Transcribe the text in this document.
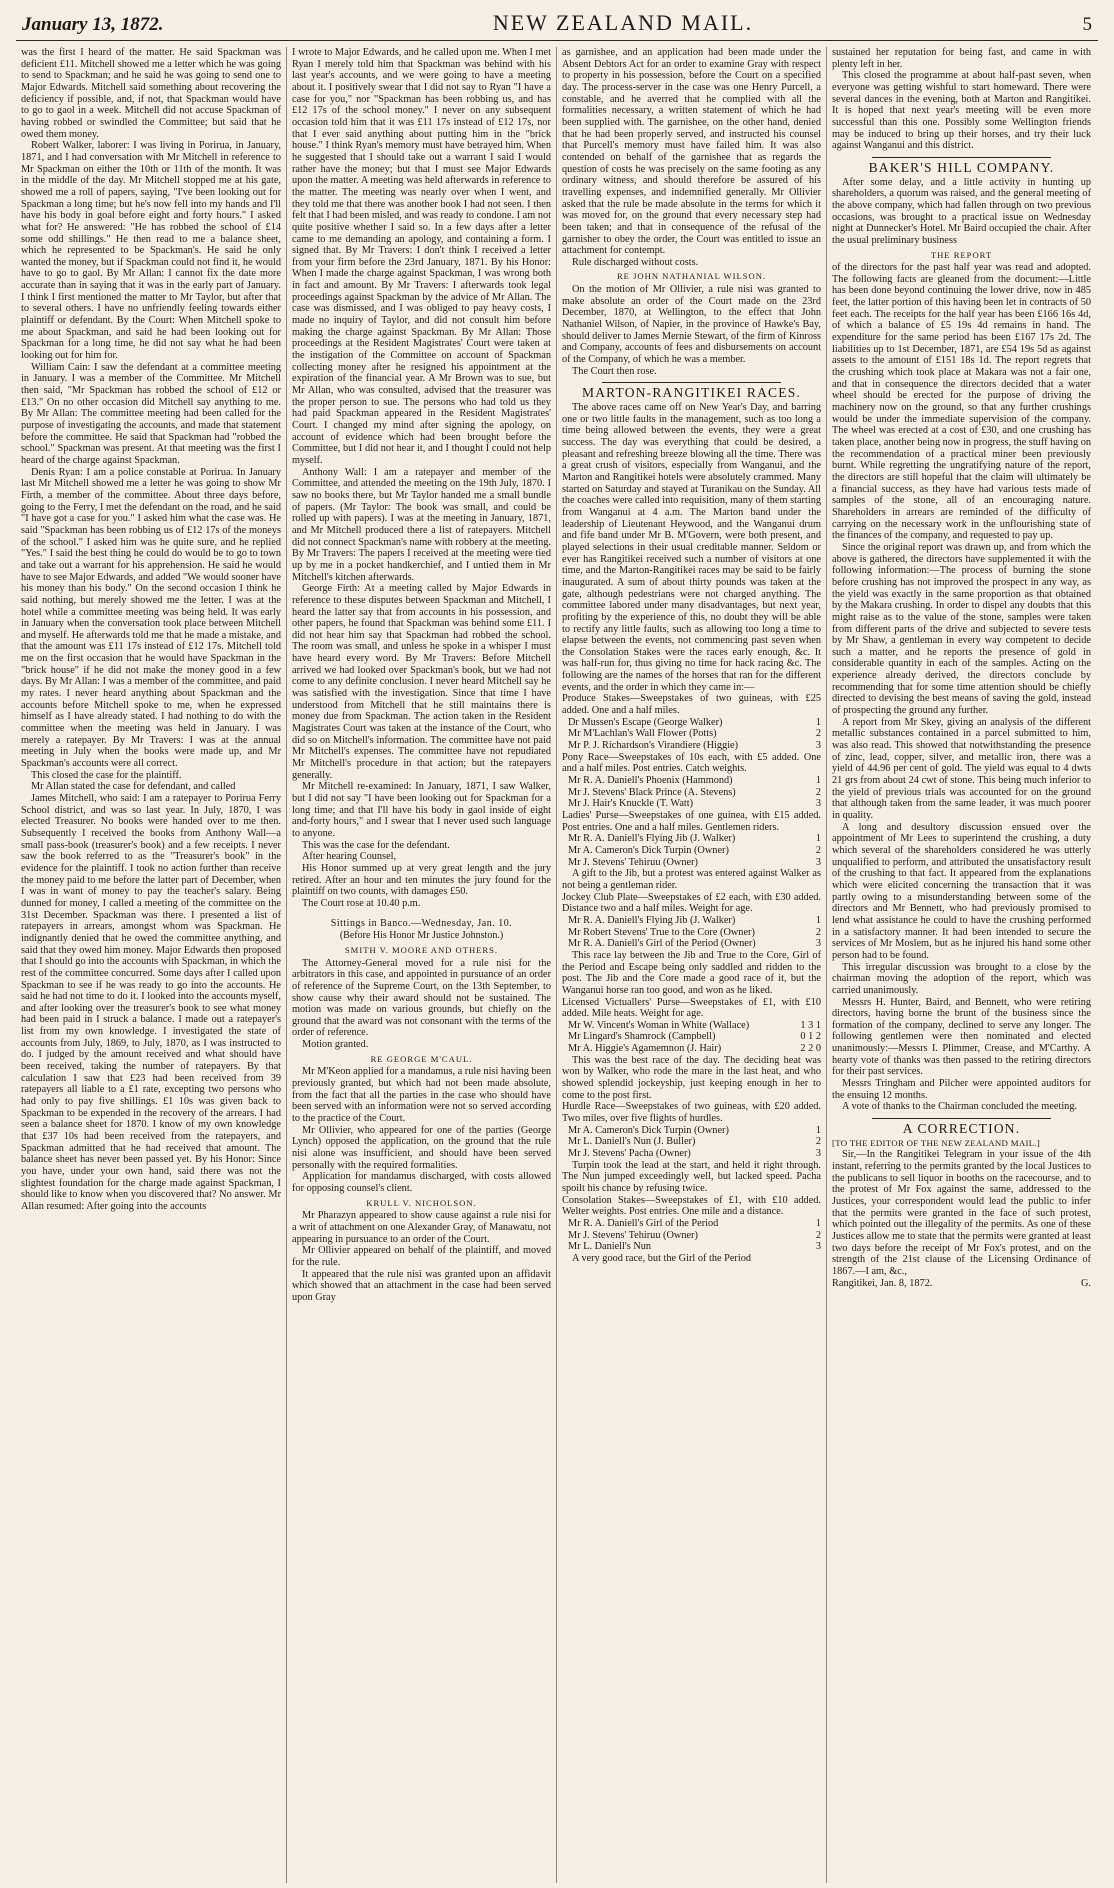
January 13, 1872.	NEW ZEALAND MAIL.	5

was the first I heard of the matter. He said Spackman was deficient £11. Mitchell showed me a letter which he was going to send to Spackman; and he said he was going to send one to Major Edwards. Mitchell said something about recovering the deficiency if possible, and, if not, that Spackman would have to go to gaol in a week. Mitchell did not accuse Spackman of having robbed or swindled the Committee; but said that he owed them money.

Robert Walker, laborer: I was living in Porirua, in January, 1871, and I had conversation with Mr Mitchell in reference to Mr Spackman on either the 10th or 11th of the month. It was in the middle of the day. Mr Mitchell stopped me at his gate, showed me a roll of papers, saying, "I've been looking out for Spackman a long time; but he's now fell into my hands and I'll have his body in goal before eight and forty hours." I asked what for? He answered: "He has robbed the school of £14 some odd shillings." He then read to me a balance sheet, which he represented to be Spackman's. He said he only wanted the money, but if Spackman could not find it, he would have to go to gaol. By Mr Allan: I cannot fix the date more accurate than in saying that it was in the early part of January. I think I first mentioned the matter to Mr Taylor, but after that to several others. I have no unfriendly feeling towards either plaintiff or defendant. By the Court: When Mitchell spoke to me about Spackman, and said he had been looking out for Spackman for a long time, he did not say what he had been looking out for him for.

William Cain: I saw the defendant at a committee meeting in January. I was a member of the Committee. Mr Mitchell then said, "Mr Spackman has robbed the school of £12 or £13." On no other occasion did Mitchell say anything to me. By Mr Allan: The committee meeting had been called for the purpose of investigating the accounts, and made that statement before the committee. He said that Spackman had "robbed the school." Spackman was present. At that meeting was the first I heard of the charge against Spackman.

Denis Ryan: I am a police constable at Porirua. In January last Mr Mitchell showed me a letter he was going to show Mr Firth, a member of the committee. About three days before, going to the Ferry, I met the defendant on the road, and he said "I have got a case for you." I asked him what the case was. He said "Spackman has been robbing us of £12 17s of the moneys of the school." I asked him was he quite sure, and he replied "Yes." I said the best thing he could do would be to go to town and take out a warrant for his apprehension. He said he would have to see Major Edwards, and added "We would sooner have his money than his body." On the second occasion I think he said nothing, but merely showed me the letter. I was at the hotel while a committee meeting was being held. It was early in January when the conversation took place between Mitchell and myself. He afterwards told me that he made a mistake, and that the amount was £11 17s instead of £12 17s. Mitchell told me on the first occasion that he would have Spackman in the "brick house" if he did not make the money good in a few days. By Mr Allan: I was a member of the committee, and paid my rates. I never heard anything about Spackman and the accounts before Mitchell spoke to me, when he expressed himself as I have already stated. I had nothing to do with the committee when the meeting was held in January. I was merely a ratepayer. By Mr Travers: I was at the annual meeting in July when the books were made up, and Mr Spackman's accounts were all correct.

This closed the case for the plaintiff.

Mr Allan stated the case for defendant, and called

James Mitchell, who said: I am a ratepayer to Porirua Ferry School district, and was so last year. In July, 1870, I was elected Treasurer. No books were handed over to me then. Subsequently I received the books from Anthony Wall—a small pass-book (treasurer's book) and a few receipts. I never saw the book referred to as the "Treasurer's book" in the evidence for the plaintiff. I took no action further than receive the money paid to me before the latter part of December, when I was in want of money to pay the teacher's salary. Being dunned for money, I called a meeting of the committee on the 31st December. Spackman was there. I presented a list of ratepayers in arrears, amongst whom was Spackman. He indignantly denied that he owed the committee anything, and said that they owed him money. Major Edwards then proposed that I should go into the accounts with Spackman, in which the rest of the committee concurred. Some days after I called upon Spackman to see if he was ready to go into the accounts. He said he had not time to do it. I looked into the accounts myself, and after looking over the treasurer's book to see what money had been paid in I struck a balance. I made out a ratepayer's list from my own knowledge. I investigated the state of accounts from July, 1869, to July, 1870, as I was instructed to do. I judged by the amount received and what should have been received, taking the number of ratepayers. By that calculation I saw that £23 had been received from 39 ratepayers all liable to a £1 rate, excepting two persons who had only to pay five shillings. £1 10s was given back to Spackman to be expended in the recovery of the arrears. I had seen a balance sheet for 1870. I know of my own knowledge that £37 10s had been received from the ratepayers, and Spackman admitted that he had received that amount. The balance sheet has never been passed yet. By his Honor: Since you have, under your own hand, said there was not the slightest foundation for the charge made against Spackman, I should like to know when you discovered that? No answer. Mr Allan resumed: After going into the accounts

I wrote to Major Edwards, and he called upon me. When I met Ryan I merely told him that Spackman was behind with his last year's accounts, and we were going to have a meeting about it. I positively swear that I did not say to Ryan "I have a case for you," nor "Spackman has been robbing us, and has £12 17s of the school money." I never on any subsequent occasion told him that it was £11 17s instead of £12 17s, nor that I ever said anything about putting him in the "brick house." I think Ryan's memory must have betrayed him. When he suggested that I should take out a warrant I said I would rather have the money; but that I must see Major Edwards upon the matter. A meeting was held afterwards in reference to the matter. The meeting was nearly over when I went, and they told me that there was another book I had not seen. I then felt that I had been misled, and was ready to condone. I am not quite positive whether I said so. In a few days after a letter came to me demanding an apology, and containing a form. I signed that. By Mr Travers: I don't think I received a letter from your firm before the 23rd January, 1871. By his Honor: When I made the charge against Spackman, I was wrong both in fact and amount. By Mr Travers: I afterwards took legal proceedings against Spackman by the advice of Mr Allan. The case was dismissed, and I was obliged to pay heavy costs, I made no inquiry of Taylor, and did not consult him before making the charge against Spackman. By Mr Allan: Those proceedings at the Resident Magistrates' Court were taken at the instigation of the Committee on account of Spackman collecting money after he resigned his appointment at the expiration of the financial year. A Mr Brown was to sue, but Mr Allan, who was consulted, advised that the treasurer was the proper person to sue. The persons who had told us they had paid Spackman appeared in the Resident Magistrates' Court. I changed my mind after signing the apology, on account of evidence which had been brought before the Committee, but I did not hear it, and I thought I could not help myself.

Anthony Wall: I am a ratepayer and member of the Committee, and attended the meeting on the 19th July, 1870. I saw no books there, but Mr Taylor handed me a small bundle of papers. (Mr Taylor: The book was small, and could be rolled up with papers). I was at the meeting in January, 1871, and Mr Mitchell produced there a list of ratepayers. Mitchell did not connect Spackman's name with robbery at the meeting. By Mr Travers: The papers I received at the meeting were tied up by me in a pocket handkerchief, and I untied them in Mr Mitchell's kitchen afterwards.

George Firth: At a meeting called by Major Edwards in reference to these disputes between Spackman and Mitchell, I heard the latter say that from accounts in his possession, and other papers, he found that Spackman was behind some £11. I did not hear him say that Spackman had robbed the school. The room was small, and unless he spoke in a whisper I must have heard every word. By Mr Travers: Before Mitchell arrived we had looked over Spackman's book, but we had not come to any definite conclusion. I never heard Mitchell say he was satisfied with the investigation. Since that time I have understood from Mitchell that he still maintains there is money due from Spackman. The action taken in the Resident Magistrates Court was taken at the instance of the Court, who did so on Mitchell's information. The committee have not paid Mr Mitchell's expenses. The committee have not repudiated Mr Mitchell's procedure in that action; but the ratepayers generally.

Mr Mitchell re-examined: In January, 1871, I saw Walker, but I did not say "I have been looking out for Spackman for a long time; and that I'll have his body in gaol inside of eight and-forty hours," and I swear that I never used such language to anyone.

This was the case for the defendant.

After hearing Counsel,

His Honor summed up at very great length and the jury retired. After an hour and ten minutes the jury found for the plaintiff on two counts, with damages £50.

The Court rose at 10.40 p.m.

Sittings in Banco.—Wednesday, Jan. 10.
(Before His Honor Mr Justice Johnston.)
SMITH V. MOORE AND OTHERS.

The Attorney-General moved for a rule nisi for the arbitrators in this case, and appointed in pursuance of an order of reference of the Supreme Court, on the 13th September, to show cause why their award should not be sustained. The motion was made on various grounds, but chiefly on the ground that the award was not consonant with the terms of the order of reference.

Motion granted.

RE GEORGE M'CAUL.

Mr M'Keon applied for a mandamus, a rule nisi having been previously granted, but which had not been made absolute, from the fact that all the parties in the case who should have been served with an information were not so served according to the practice of the Court.

Mr Ollivier, who appeared for one of the parties (George Lynch) opposed the application, on the ground that the rule nisi alone was insufficient, and should have been served personally with the required formalities.

Application for mandamus discharged, with costs allowed for opposing counsel's client.

KRULL V. NICHOLSON.

Mr Pharazyn appeared to show cause against a rule nisi for a writ of attachment on one Alexander Gray, of Manawatu, not appearing in pursuance to an order of the Court.

Mr Ollivier appeared on behalf of the plaintiff, and moved for the rule.

It appeared that the rule nisi was granted upon an affidavit which showed that an attachment in the case had been served upon Gray

as garnishee, and an application had been made under the Absent Debtors Act for an order to examine Gray with respect to property in his possession, before the Court on a specified day. The process-server in the case was one Henry Purcell, a constable, and he averred that he complied with all the formalities necessary, a written statement of which he had been supplied with. The garnishee, on the other hand, denied that he had been properly served, and instructed his counsel that Purcell's memory must have failed him. It was also contended on behalf of the garnishee that as regards the question of costs he was precisely on the same footing as any ordinary witness, and should therefore be assured of his travelling expenses, and indemnified generally. Mr Ollivier asked that the rule be made absolute in the terms for which it was moved for, on the ground that every necessary step had been taken; and that in consequence of the refusal of the garnisher to obey the order, the Court was entitled to issue an attachment for contempt.

Rule discharged without costs.

RE JOHN NATHANIAL WILSON.

On the motion of Mr Ollivier, a rule nisi was granted to make absolute an order of the Court made on the 23rd December, 1870, at Wellington, to the effect that John Nathaniel Wilson, of Napier, in the province of Hawke's Bay, should deliver to James Mernie Stewart, of the firm of Kinross and Company, accounts of fees and disbursements on account of the Company, of which he was a member.

The Court then rose.

MARTON-RANGITIKEI RACES.

The above races came off on New Year's Day, and barring one or two little faults in the management, such as too long a time being allowed between the events, they were a great success. The day was everything that could be desired, a pleasant and refreshing breeze blowing all the time. There was a great crush of visitors, especially from Wanganui, and the Marton and Rangitikei hotels were absolutely crammed. Many started on Saturday and stayed at Turanikau on the Sunday. All the coaches were called into requisition, many of them starting from Wanganui at 4 a.m. The Marton band under the leadership of Lieutenant Heywood, and the Wanganui drum and fife band under Mr B. M'Govern, were both present, and played selections in their usual creditable manner. Seldom or ever has Rangitikei received such a number of visitors at one time, and the Marton-Rangitikei races may be said to be fairly inaugurated. A sum of about thirty pounds was taken at the gate, although pedestrians were not charged anything. The committee labored under many disadvantages, but next year, profiting by the experience of this, no doubt they will be able to rectify any little faults, such as allowing too long a time to elapse between the events, not commencing past seven when the Consolation Stakes were the races early enough, &c. It was half-run for, thus giving no time for hack racing &c. The following are the names of the horses that ran for the different events, and the order in which they came in:—

Produce Stakes—Sweepstakes of two guineas, with £25 added. One and a half miles.

Dr Mussen's Escape (George Walker)	1
Mr M'Lachlan's Wall Flower (Potts)	2
Mr P. J. Richardson's Virandiere (Higgie)	3

Pony Race—Sweepstakes of 10s each, with £5 added. One and a half miles. Post entries. Catch weights.

Mr R. A. Daniell's Phoenix (Hammond)	1
Mr J. Stevens' Black Prince (A. Stevens)	2
Mr J. Hair's Knuckle (T. Watt)	3

Ladies' Purse—Sweepstakes of one guinea, with £15 added. Post entries. One and a half miles. Gentlemen riders.

Mr R. A. Daniell's Flying Jib (J. Walker)	1
Mr A. Cameron's Dick Turpin (Owner)	2
Mr J. Stevens' Tehiruu (Owner)	3

A gift to the Jib, but a protest was entered against Walker as not being a gentleman rider.

Jockey Club Plate—Sweepstakes of £2 each, with £30 added. Distance two and a half miles. Weight for age.

Mr R. A. Daniell's Flying Jib (J. Walker)	1
Mr Robert Stevens' True to the Core (Owner)	2
Mr R. A. Daniell's Girl of the Period (Owner)	3

This race lay between the Jib and True to the Core, Girl of the Period and Escape being only saddled and ridden to the post. The Jib and the Core made a good race of it, but the Wanganui horse ran too good, and won as he liked.

Licensed Victuallers' Purse—Sweepstakes of £1, with £10 added. Mile heats. Weight for age.

Mr W. Vincent's Woman in White (Wallace)	1 3 1
Mr Lingard's Shamrock (Campbell)	0 1 2
Mr A. Higgie's Agamemnon (J. Hair)	2 2 0

This was the best race of the day. The deciding heat was won by Walker, who rode the mare in the last heat, and who showed splendid jockeyship, just keeping enough in her to come to the post first.

Hurdle Race—Sweepstakes of two guineas, with £20 added. Two miles, over five flights of hurdles.

Mr A. Cameron's Dick Turpin (Owner)	1
Mr L. Daniell's Nun (J. Buller)	2
Mr J. Stevens' Pacha (Owner)	3

Turpin took the lead at the start, and held it right through. The Nun jumped exceedingly well, but lacked speed. Pacha spoilt his chance by refusing twice.

Consolation Stakes—Sweepstakes of £1, with £10 added. Welter weights. Post entries. One mile and a distance.

Mr R. A. Daniell's Girl of the Period	1
Mr J. Stevens' Tehiruu (Owner)	2
Mr L. Daniell's Nun	3

A very good race, but the Girl of the Period

sustained her reputation for being fast, and came in with plenty left in her.

This closed the programme at about half-past seven, when everyone was getting wishful to start homeward. There were several dances in the evening, both at Marton and Rangitikei. It is hoped that next year's meeting will be even more successful than this one. Possibly some Wellington friends may be induced to bring up their horses, and try their luck against Wanganui and this district.

BAKER'S HILL COMPANY.

After some delay, and a little activity in hunting up shareholders, a quorum was raised, and the general meeting of the above company, which had fallen through on two previous occasions, was brought to a practical issue on Wednesday night at Dunnecker's Hotel. Mr Baird occupied the chair. After the usual preliminary business

THE REPORT

of the directors for the past half year was read and adopted. The following facts are gleaned from the document:—Little has been done beyond continuing the lower drive, now in 485 feet, the latter portion of this having been let in contracts of 50 feet each. The receipts for the half year has been £166 16s 4d, of which a balance of £5 19s 4d remains in hand. The expenditure for the same period has been £167 17s 2d. The liabilities up to 1st December, 1871, are £54 19s 5d as against assets to the amount of £151 18s 1d. The report regrets that the crushing which took place at Makara was not a fair one, and that in consequence the directors decided that a water wheel should be erected for the purpose of driving the machinery now on the ground, so that any further crushings would be under the immediate supervision of the company. The wheel was erected at a cost of £30, and one crushing has taken place, another being now in progress, the stuff having on the recommendation of a practical miner been previously burnt. While regretting the ungratifying nature of the report, the directors are still hopeful that the claim will ultimately be a financial success, as they have had various tests made of samples of the stone, all of an encouraging nature. Shareholders in arrears are reminded of the difficulty of carrying on the necessary work in the unflourishing state of the finances of the company, and requested to pay up.

Since the original report was drawn up, and from which the above is gathered, the directors have supplemented it with the following information:—The process of burning the stone before crushing has not improved the prospect in any way, as the yield was exactly in the same proportion as that obtained by the Makara crushing. In order to dispel any doubts that this might raise as to the value of the stone, samples were taken from different parts of the drive and subjected to severe tests by Mr Shaw, a gentleman in every way competent to decide such a matter, and he reports the presence of gold in considerable quantity in each of the samples. Acting on the experience already derived, the directors conclude by recommending that for some time attention should be chiefly directed to devising the best means of saving the gold, instead of prospecting the ground any further.

A report from Mr Skey, giving an analysis of the different metallic substances contained in a parcel submitted to him, was also read. This showed that notwithstanding the presence of zinc, lead, copper, silver, and metallic iron, there was a yield of 44.96 per cent of gold. The yield was equal to 4 dwts 21 grs from about 24 cwt of stone. This being much inferior to the yield of previous trials was accounted for on the ground that although taken from the same leader, it was much poorer in quality.

A long and desultory discussion ensued over the appointment of Mr Lees to superintend the crushing, a duty which several of the shareholders considered he was utterly unqualified to perform, and attributed the unsatisfactory result of the crushing to that fact. It appeared from the explanations which were elicited concerning the transaction that it was partly owing to a misunderstanding between some of the directors and Mr Bennett, who had previously promised to lend what assistance he could to have the crushing performed in a satisfactory manner. It had been intended to secure the services of Mr Moslem, but as he injured his hand some other person had to be found.

This irregular discussion was brought to a close by the chairman moving the adoption of the report, which was carried unanimously.

Messrs H. Hunter, Baird, and Bennett, who were retiring directors, having borne the brunt of the business since the formation of the company, declined to serve any longer. The following gentlemen were then nominated and elected unanimously:—Messrs I. Plimmer, Crease, and M'Carthy. A hearty vote of thanks was then passed to the retiring directors for their past services.

Messrs Tringham and Pilcher were appointed auditors for the ensuing 12 months.

A vote of thanks to the Chairman concluded the meeting.

A CORRECTION.

[TO THE EDITOR OF THE NEW ZEALAND MAIL.]

Sir,—In the Rangitikei Telegram in your issue of the 4th instant, referring to the permits granted by the local Justices to the publicans to sell liquor in booths on the racecourse, and to the protest of Mr Fox against the same, addressed to the Justices, your correspondent would lead the public to infer that the permits were granted in the face of such protest, which pointed out the illegality of the permits. As one of these Justices allow me to state that the permits were granted at least two days before the receipt of Mr Fox's protest, and on the strength of the 21st clause of the Licensing Ordinance of 1867.—I am, &c.,

Rangitikei, Jan. 8, 1872.	G.
